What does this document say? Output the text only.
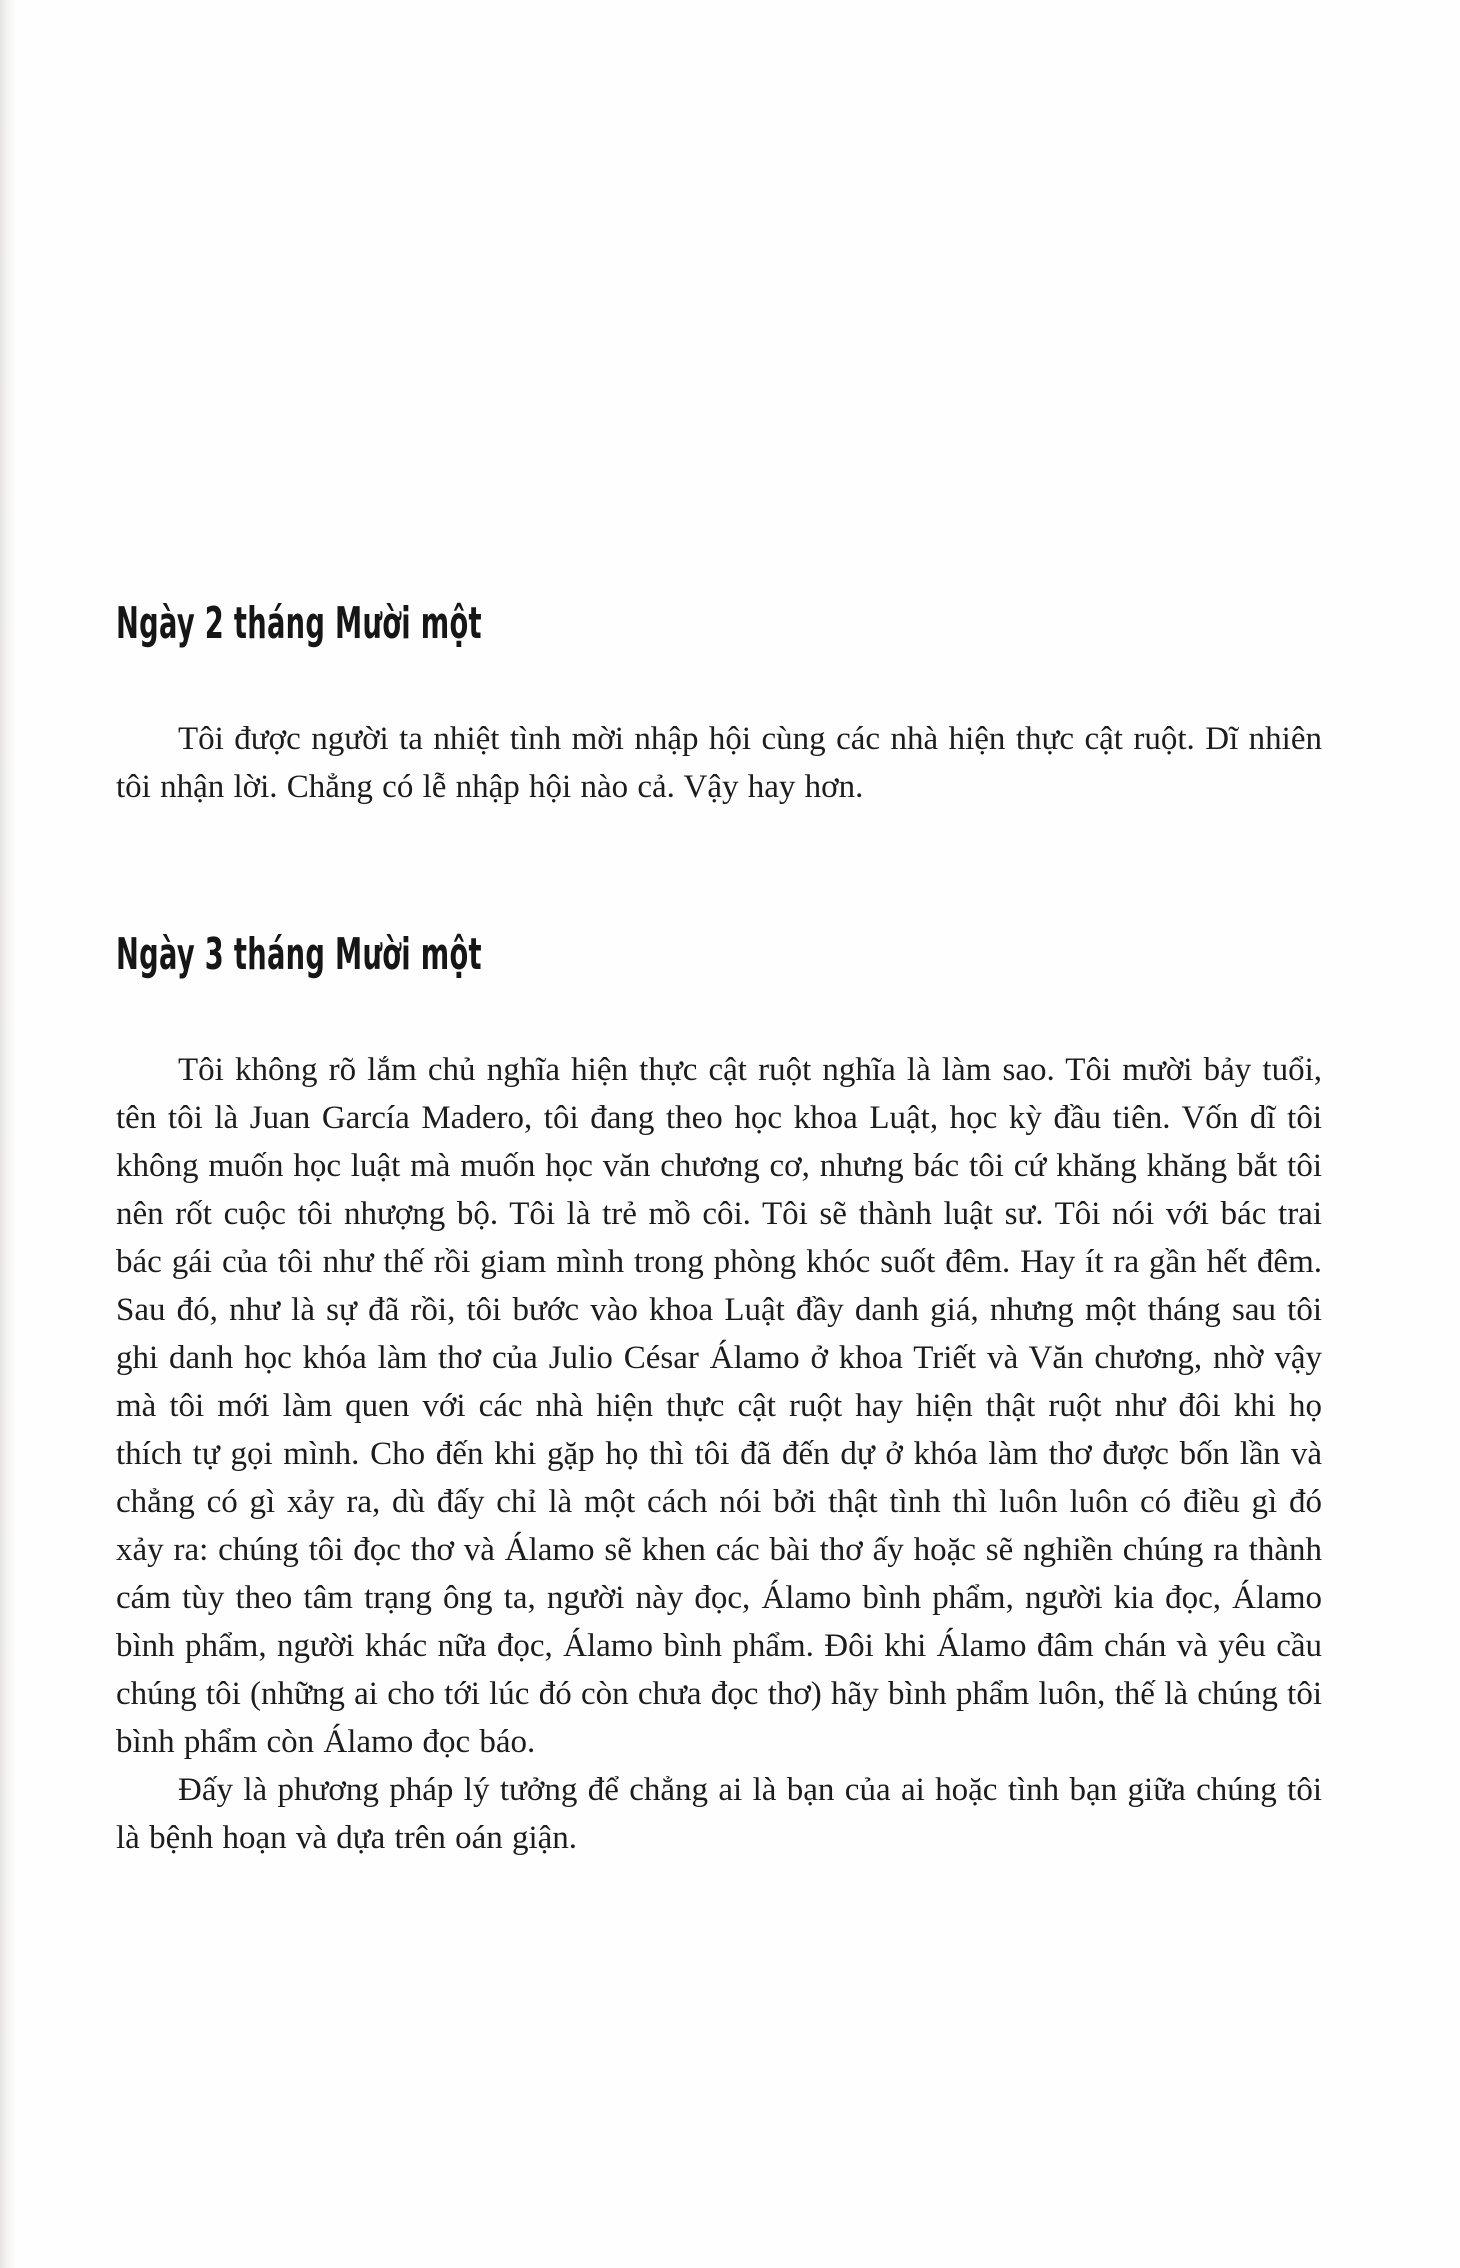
Ngày 2 tháng Mười một

Tôi được người ta nhiệt tình mời nhập hội cùng các nhà hiện thực cật ruột. Dĩ nhiên tôi nhận lời. Chẳng có lễ nhập hội nào cả. Vậy hay hơn.

Ngày 3 tháng Mười một

Tôi không rõ lắm chủ nghĩa hiện thực cật ruột nghĩa là làm sao. Tôi mười bảy tuổi, tên tôi là Juan García Madero, tôi đang theo học khoa Luật, học kỳ đầu tiên. Vốn dĩ tôi không muốn học luật mà muốn học văn chương cơ, nhưng bác tôi cứ khăng khăng bắt tôi nên rốt cuộc tôi nhượng bộ. Tôi là trẻ mồ côi. Tôi sẽ thành luật sư. Tôi nói với bác trai bác gái của tôi như thế rồi giam mình trong phòng khóc suốt đêm. Hay ít ra gần hết đêm. Sau đó, như là sự đã rồi, tôi bước vào khoa Luật đầy danh giá, nhưng một tháng sau tôi ghi danh học khóa làm thơ của Julio César Álamo ở khoa Triết và Văn chương, nhờ vậy mà tôi mới làm quen với các nhà hiện thực cật ruột hay hiện thật ruột như đôi khi họ thích tự gọi mình. Cho đến khi gặp họ thì tôi đã đến dự ở khóa làm thơ được bốn lần và chẳng có gì xảy ra, dù đấy chỉ là một cách nói bởi thật tình thì luôn luôn có điều gì đó xảy ra: chúng tôi đọc thơ và Álamo sẽ khen các bài thơ ấy hoặc sẽ nghiền chúng ra thành cám tùy theo tâm trạng ông ta, người này đọc, Álamo bình phẩm, người kia đọc, Álamo bình phẩm, người khác nữa đọc, Álamo bình phẩm. Đôi khi Álamo đâm chán và yêu cầu chúng tôi (những ai cho tới lúc đó còn chưa đọc thơ) hãy bình phẩm luôn, thế là chúng tôi bình phẩm còn Álamo đọc báo.

Đấy là phương pháp lý tưởng để chẳng ai là bạn của ai hoặc tình bạn giữa chúng tôi là bệnh hoạn và dựa trên oán giận.
